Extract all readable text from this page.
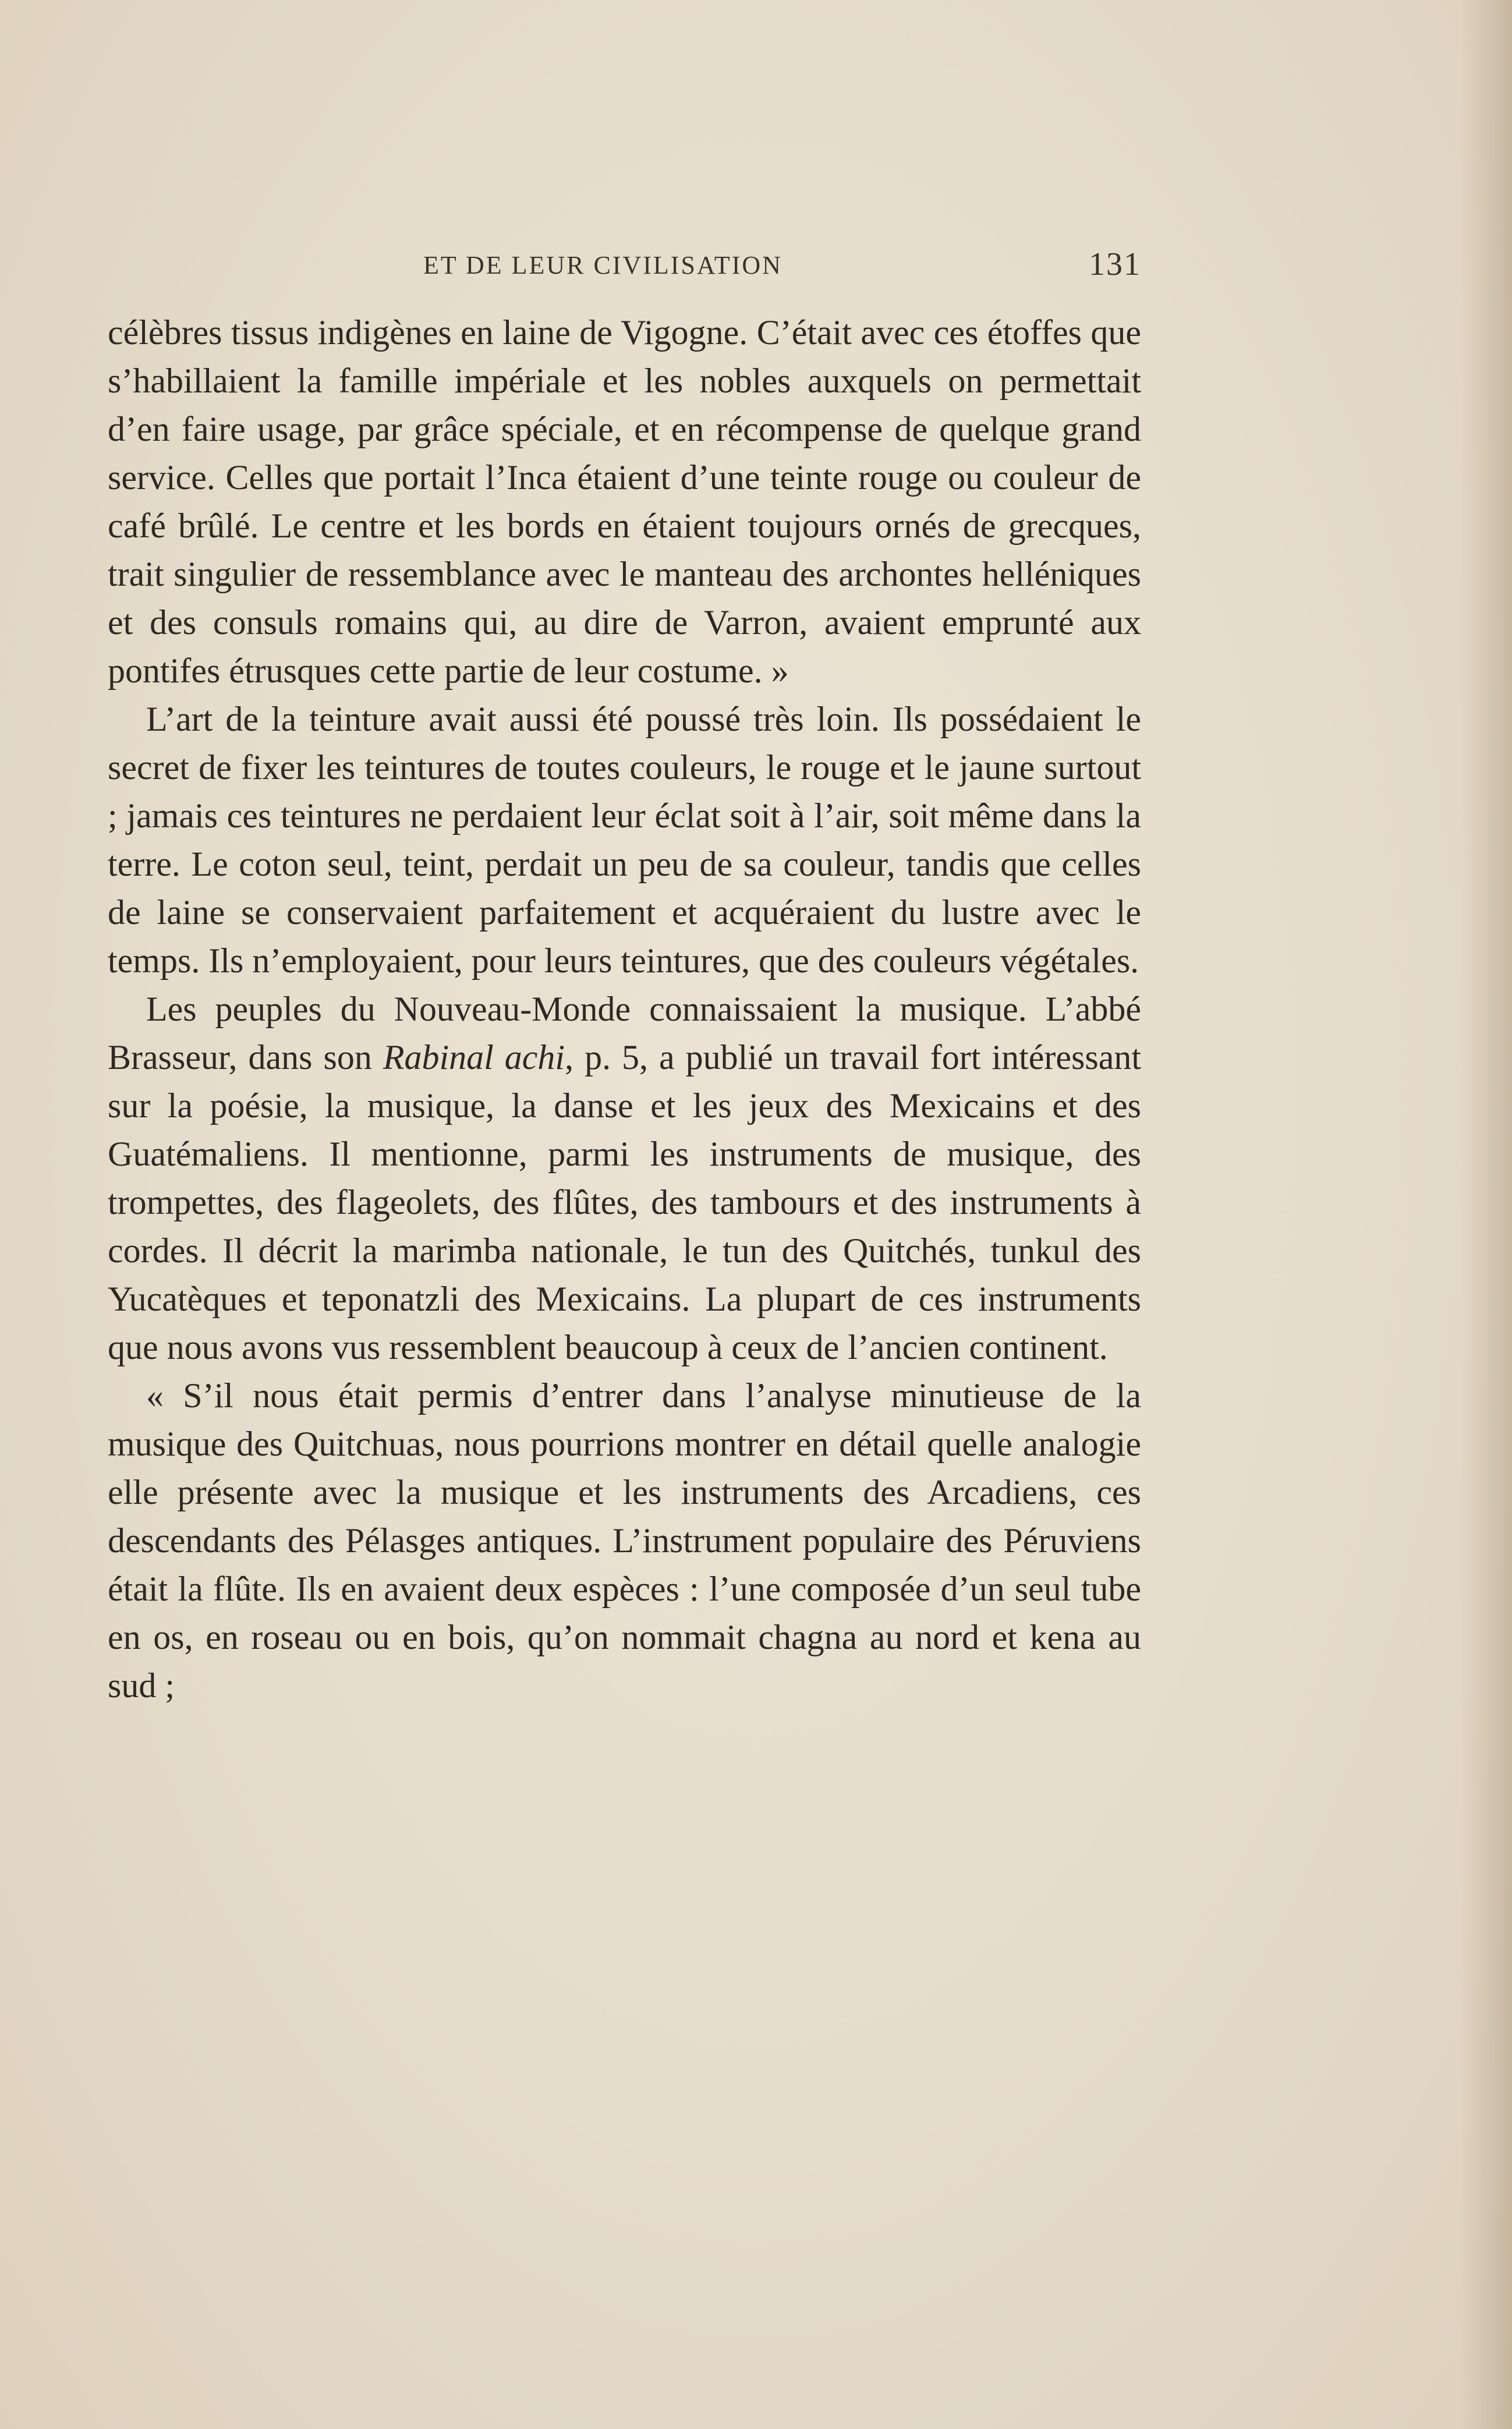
ET DE LEUR CIVILISATION	131

célèbres tissus indigènes en laine de Vigogne. C’était avec ces étoffes que s’habillaient la famille impériale et les nobles auxquels on permettait d’en faire usage, par grâce spéciale, et en récompense de quelque grand service. Celles que portait l’Inca étaient d’une teinte rouge ou couleur de café brûlé. Le centre et les bords en étaient toujours ornés de grecques, trait singulier de ressemblance avec le manteau des archontes helléniques et des consuls romains qui, au dire de Varron, avaient emprunté aux pontifes étrusques cette partie de leur costume. »

L’art de la teinture avait aussi été poussé très loin. Ils possédaient le secret de fixer les teintures de toutes couleurs, le rouge et le jaune surtout ; jamais ces teintures ne perdaient leur éclat soit à l’air, soit même dans la terre. Le coton seul, teint, perdait un peu de sa couleur, tandis que celles de laine se conservaient parfaitement et acquéraient du lustre avec le temps. Ils n’employaient, pour leurs teintures, que des couleurs végétales.

Les peuples du Nouveau-Monde connaissaient la musique. L’abbé Brasseur, dans son Rabinal achi, p. 5, a publié un travail fort intéressant sur la poésie, la musique, la danse et les jeux des Mexicains et des Guatémaliens. Il mentionne, parmi les instruments de musique, des trompettes, des flageolets, des flûtes, des tambours et des instruments à cordes. Il décrit la marimba nationale, le tun des Quitchés, tunkul des Yucatèques et teponatzli des Mexicains. La plupart de ces instruments que nous avons vus ressemblent beaucoup à ceux de l’ancien continent.

« S’il nous était permis d’entrer dans l’analyse minutieuse de la musique des Quitchuas, nous pourrions montrer en détail quelle analogie elle présente avec la musique et les instruments des Arcadiens, ces descendants des Pélasges antiques. L’instrument populaire des Péruviens était la flûte. Ils en avaient deux espèces : l’une composée d’un seul tube en os, en roseau ou en bois, qu’on nommait chagna au nord et kena au sud ;
